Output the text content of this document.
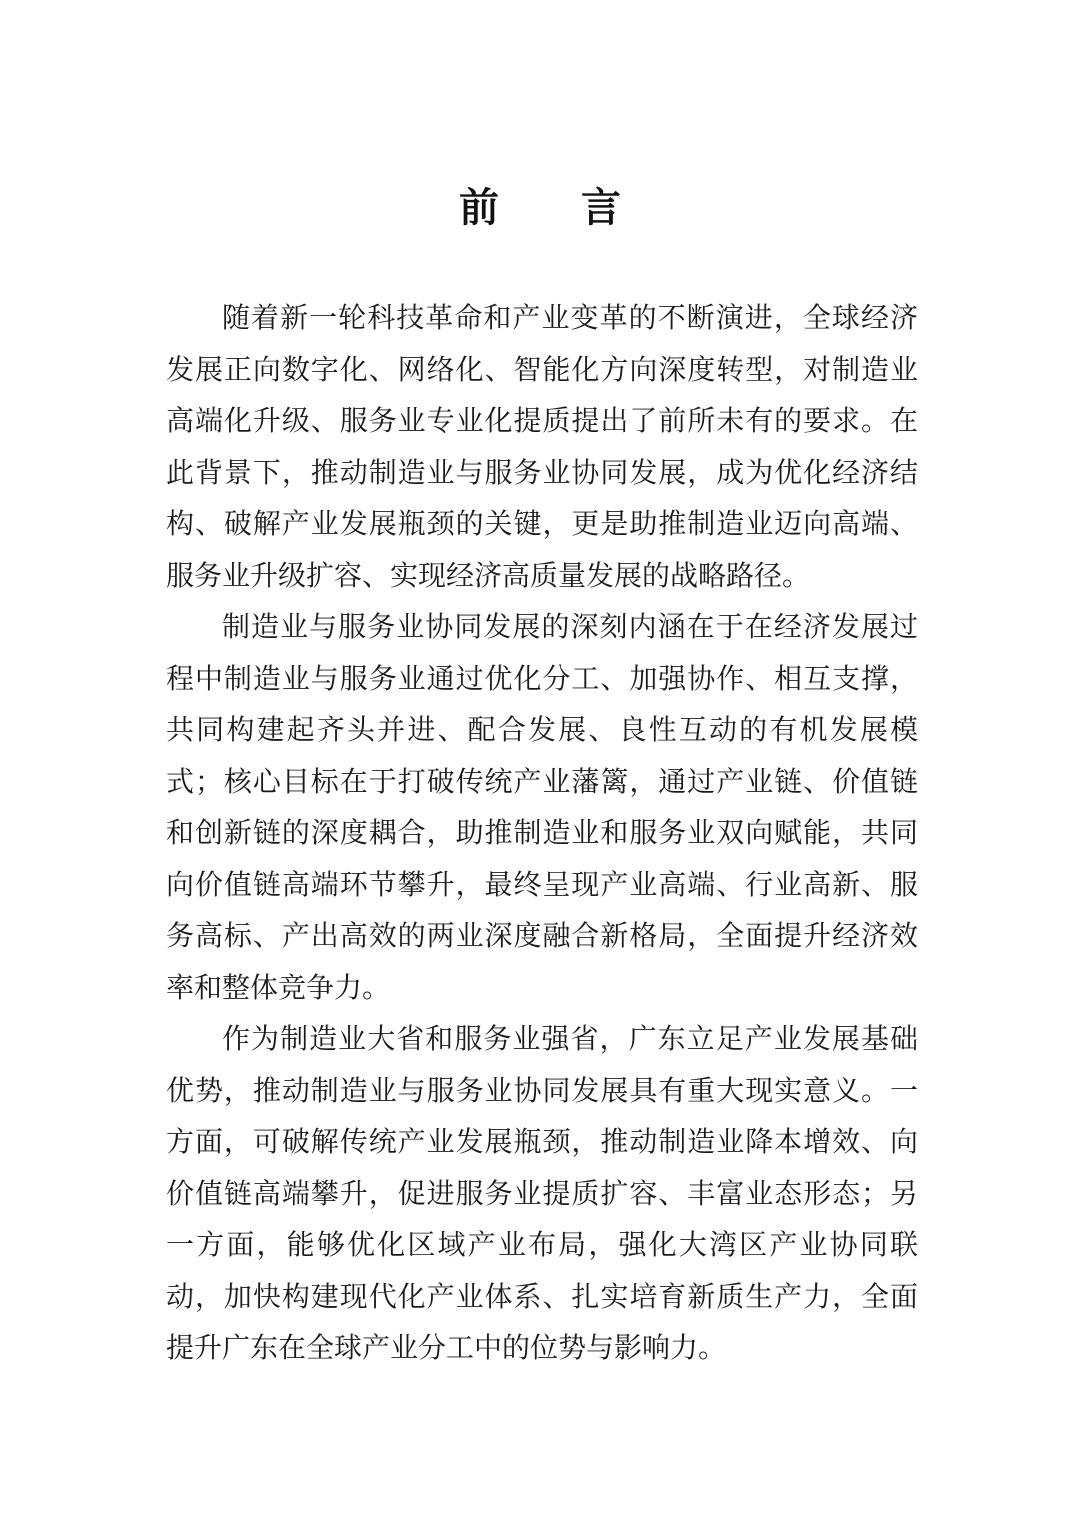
前 言

随着新一轮科技革命和产业变革的不断演进，全球经济发展正向数字化、网络化、智能化方向深度转型，对制造业高端化升级、服务业专业化提质提出了前所未有的要求。在此背景下，推动制造业与服务业协同发展，成为优化经济结构、破解产业发展瓶颈的关键，更是助推制造业迈向高端、服务业升级扩容、实现经济高质量发展的战略路径。

制造业与服务业协同发展的深刻内涵在于在经济发展过程中制造业与服务业通过优化分工、加强协作、相互支撑，共同构建起齐头并进、配合发展、良性互动的有机发展模式；核心目标在于打破传统产业藩篱，通过产业链、价值链和创新链的深度耦合，助推制造业和服务业双向赋能，共同向价值链高端环节攀升，最终呈现产业高端、行业高新、服务高标、产出高效的两业深度融合新格局，全面提升经济效率和整体竞争力。

作为制造业大省和服务业强省，广东立足产业发展基础优势，推动制造业与服务业协同发展具有重大现实意义。一方面，可破解传统产业发展瓶颈，推动制造业降本增效、向价值链高端攀升，促进服务业提质扩容、丰富业态形态；另一方面，能够优化区域产业布局，强化大湾区产业协同联动，加快构建现代化产业体系、扎实培育新质生产力，全面提升广东在全球产业分工中的位势与影响力。
